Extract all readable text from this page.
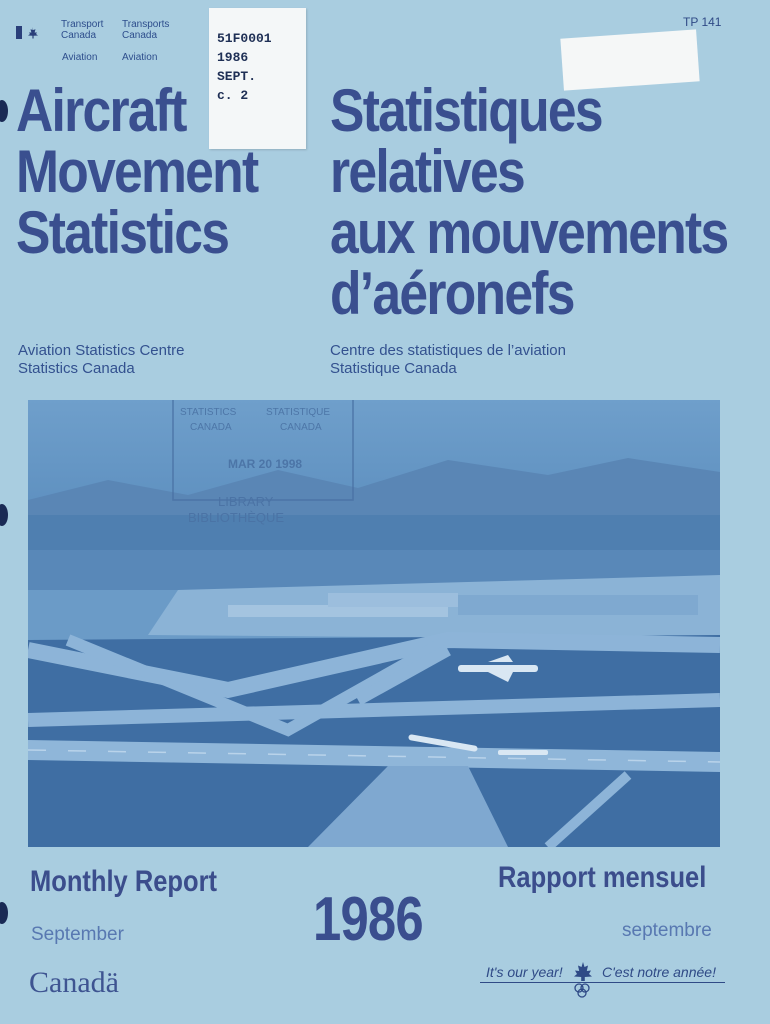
Transport
Canada
Transports
Canada
Aviation Aviation
TP 141
51F0001
1986
SEPT.
c. 2
Aircraft
Movement
Statistics
Statistiques
relatives
aux mouvements
d’aéronefs
Aviation Statistics Centre
Statistics Canada
Centre des statistiques de l’aviation
Statistique Canada
STATISTICS	STATISTIQUE
CANADA	CANADA
MAR 20 1998
LIBRARY
BIBLIOTHÈQUE
Monthly Report	Rapport mensuel
September	septembre
1986
Canadä	It's our year!	C'est notre année!
